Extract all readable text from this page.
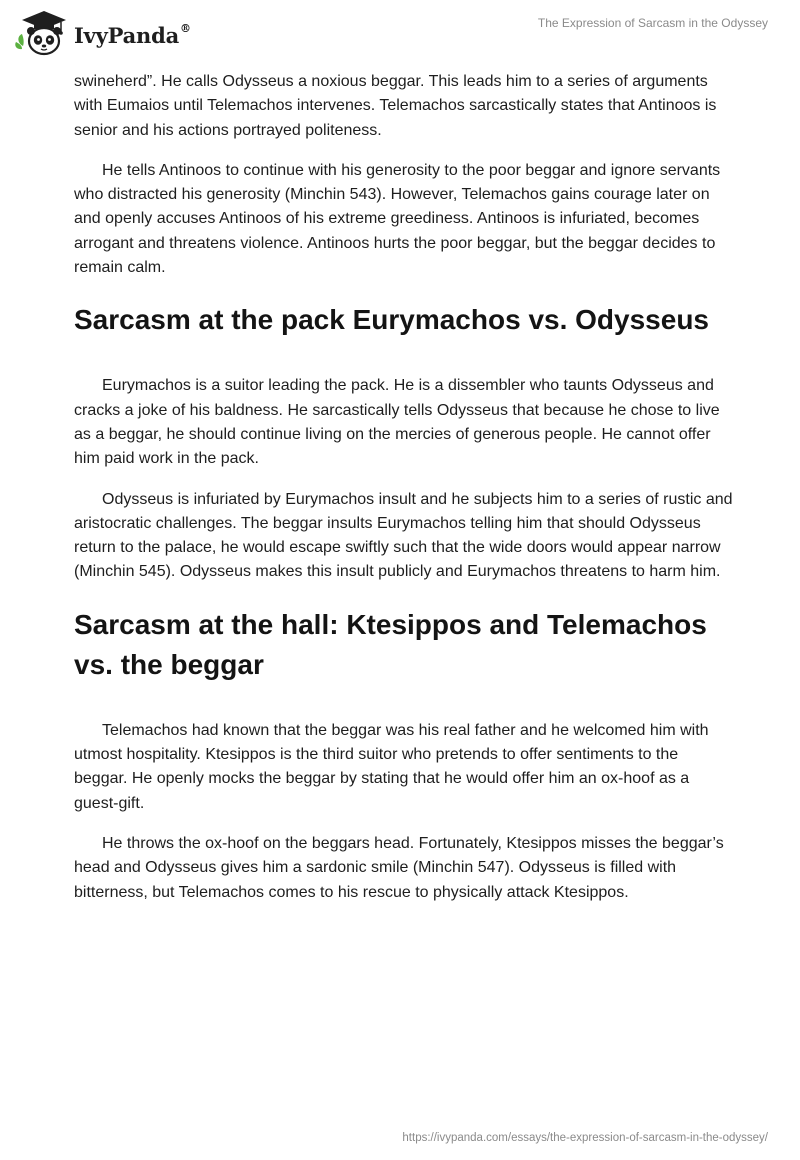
IvyPanda®	The Expression of Sarcasm in the Odyssey

swineherd”. He calls Odysseus a noxious beggar. This leads him to a series of arguments with Eumaios until Telemachos intervenes. Telemachos sarcastically states that Antinoos is senior and his actions portrayed politeness.

He tells Antinoos to continue with his generosity to the poor beggar and ignore servants who distracted his generosity (Minchin 543). However, Telemachos gains courage later on and openly accuses Antinoos of his extreme greediness. Antinoos is infuriated, becomes arrogant and threatens violence. Antinoos hurts the poor beggar, but the beggar decides to remain calm.

Sarcasm at the pack Eurymachos vs. Odysseus

Eurymachos is a suitor leading the pack. He is a dissembler who taunts Odysseus and cracks a joke of his baldness. He sarcastically tells Odysseus that because he chose to live as a beggar, he should continue living on the mercies of generous people. He cannot offer him paid work in the pack.

Odysseus is infuriated by Eurymachos insult and he subjects him to a series of rustic and aristocratic challenges. The beggar insults Eurymachos telling him that should Odysseus return to the palace, he would escape swiftly such that the wide doors would appear narrow (Minchin 545). Odysseus makes this insult publicly and Eurymachos threatens to harm him.

Sarcasm at the hall: Ktesippos and Telemachos vs. the beggar

Telemachos had known that the beggar was his real father and he welcomed him with utmost hospitality. Ktesippos is the third suitor who pretends to offer sentiments to the beggar. He openly mocks the beggar by stating that he would offer him an ox-hoof as a guest-gift.

He throws the ox-hoof on the beggars head. Fortunately, Ktesippos misses the beggar’s head and Odysseus gives him a sardonic smile (Minchin 547). Odysseus is filled with bitterness, but Telemachos comes to his rescue to physically attack Ktesippos.

https://ivypanda.com/essays/the-expression-of-sarcasm-in-the-odyssey/
